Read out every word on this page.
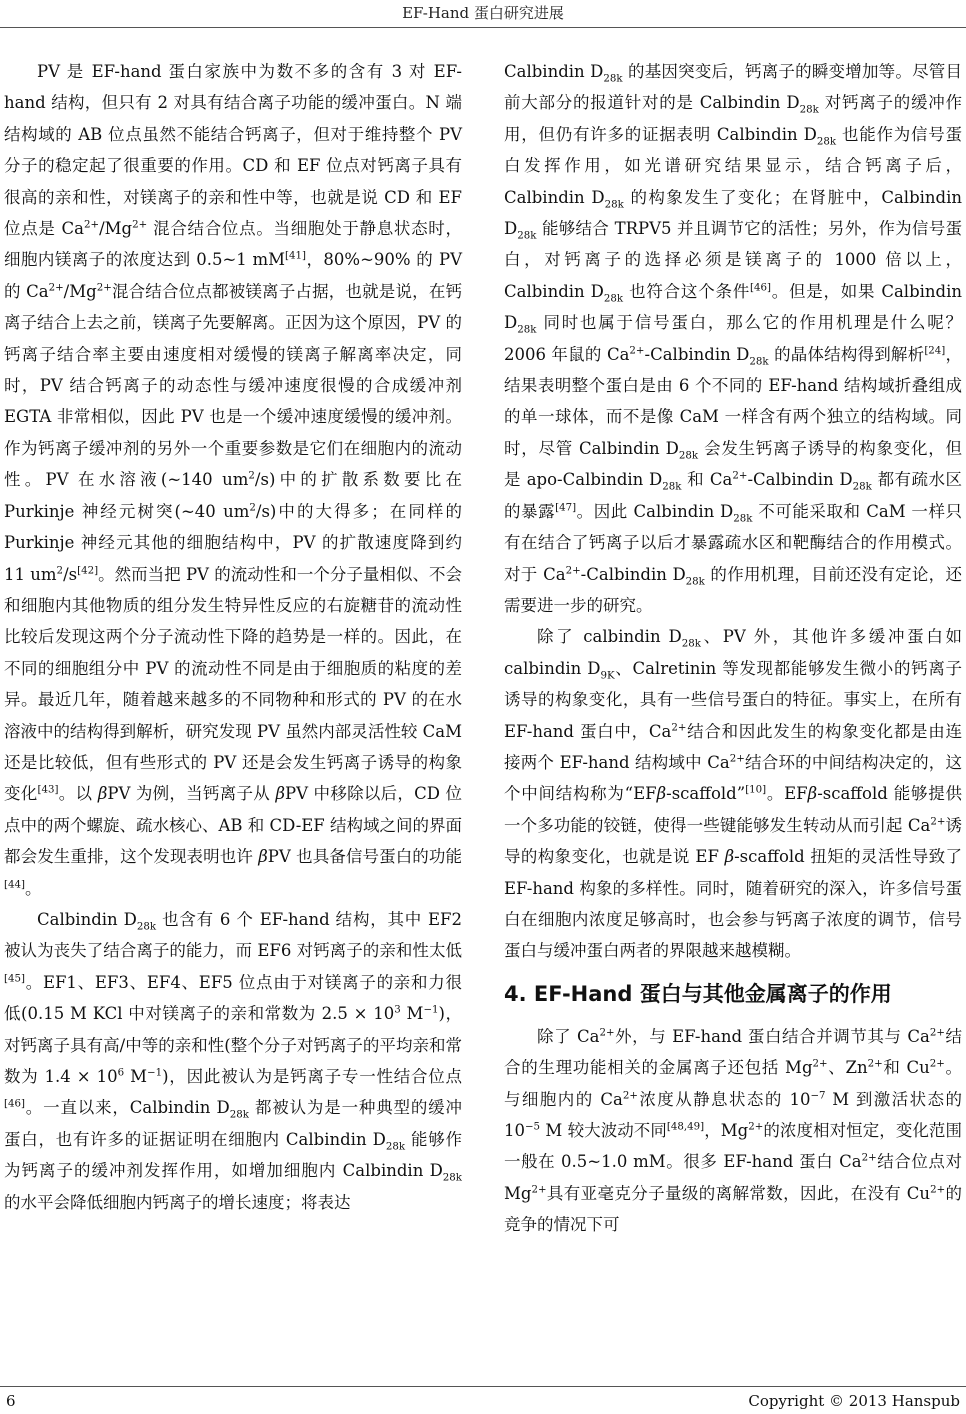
EF-Hand 蛋白研究进展

PV 是 EF-hand 蛋白家族中为数不多的含有 3 对 EF-hand 结构，但只有 2 对具有结合离子功能的缓冲蛋白。N 端结构域的 AB 位点虽然不能结合钙离子，但对于维持整个 PV 分子的稳定起了很重要的作用。CD 和 EF 位点对钙离子具有很高的亲和性，对镁离子的亲和性中等，也就是说 CD 和 EF 位点是 $Ca^{2+}/Mg^{2+}$ 混合结合位点。当细胞处于静息状态时，细胞内镁离子的浓度达到 0.5~1 mM[41]，80%~90% 的 PV 的 $Ca^{2+}/Mg^{2+}$混合结合位点都被镁离子占据，也就是说，在钙离子结合上去之前，镁离子先要解离。正因为这个原因，PV 的钙离子结合率主要由速度相对缓慢的镁离子解离率决定，同时，PV 结合钙离子的动态性与缓冲速度很慢的合成缓冲剂 EGTA 非常相似，因此 PV 也是一个缓冲速度缓慢的缓冲剂。作为钙离子缓冲剂的另外一个重要参数是它们在细胞内的流动性。PV 在水溶液(~140 $um^2/s$)中的扩散系数要比在 Purkinje 神经元树突(~40 $um^2/s$)中的大得多；在同样的 Purkinje 神经元其他的细胞结构中，PV 的扩散速度降到约 11 $um^2/s[42]$。然而当把 PV 的流动性和一个分子量相似、不会和细胞内其他物质的组分发生特异性反应的右旋糖苷的流动性比较后发现这两个分子流动性下降的趋势是一样的。因此，在不同的细胞组分中 PV 的流动性不同是由于细胞质的粘度的差异。最近几年，随着越来越多的不同物种和形式的 PV 的在水溶液中的结构得到解析，研究发现 PV 虽然内部灵活性较 CaM 还是比较低，但有些形式的 PV 还是会发生钙离子诱导的构象变化[43]。以 βPV 为例，当钙离子从 βPV 中移除以后，CD 位点中的两个螺旋、疏水核心、AB 和 CD-EF 结构域之间的界面都会发生重排，这个发现表明也许 βPV 也具备信号蛋白的功能[44]。

Calbindin $D_{28k}$ 也含有 6 个 EF-hand 结构，其中 EF2 被认为丧失了结合离子的能力，而 EF6 对钙离子的亲和性太低[45]。EF1、EF3、EF4、EF5 位点由于对镁离子的亲和力很低(0.15 M KCl 中对镁离子的亲和常数为 $2.5 \times 10^3$ $M^{-1}$)，对钙离子具有高/中等的亲和性(整个分子对钙离子的平均亲和常数为 $1.4 \times 10^6$ $M^{-1}$)，因此被认为是钙离子专一性结合位点[46]。一直以来，Calbindin $D_{28k}$ 都被认为是一种典型的缓冲蛋白，也有许多的证据证明在细胞内 Calbindin $D_{28k}$ 能够作为钙离子的缓冲剂发挥作用，如增加细胞内 Calbindin $D_{28k}$ 的水平会降低细胞内钙离子的增长速度；将表达

Calbindin $D_{28k}$ 的基因突变后，钙离子的瞬变增加等。尽管目前大部分的报道针对的是 Calbindin $D_{28k}$ 对钙离子的缓冲作用，但仍有许多的证据表明 Calbindin $D_{28k}$ 也能作为信号蛋白发挥作用，如光谱研究结果显示，结合钙离子后，Calbindin $D_{28k}$ 的构象发生了变化；在肾脏中，Calbindin $D_{28k}$ 能够结合 TRPV5 并且调节它的活性；另外，作为信号蛋白，对钙离子的选择必须是镁离子的 1000 倍以上，Calbindin $D_{28k}$ 也符合这个条件[46]。但是，如果 Calbindin $D_{28k}$ 同时也属于信号蛋白，那么它的作用机理是什么呢？2006 年鼠的 $Ca^{2+}$-Calbindin $D_{28k}$ 的晶体结构得到解析[24]，结果表明整个蛋白是由 6 个不同的 EF-hand 结构域折叠组成的单一球体，而不是像 CaM 一样含有两个独立的结构域。同时，尽管 Calbindin $D_{28k}$ 会发生钙离子诱导的构象变化，但是 apo-Calbindin $D_{28k}$ 和 $Ca^{2+}$-Calbindin $D_{28k}$ 都有疏水区的暴露[47]。因此 Calbindin $D_{28k}$ 不可能采取和 CaM 一样只有在结合了钙离子以后才暴露疏水区和靶酶结合的作用模式。对于 $Ca^{2+}$-Calbindin $D_{28k}$ 的作用机理，目前还没有定论，还需要进一步的研究。

除了 calbindin $D_{28k}$、PV 外，其他许多缓冲蛋白如 calbindin $D_{9K}$、Calretinin 等发现都能够发生微小的钙离子诱导的构象变化，具有一些信号蛋白的特征。事实上，在所有 EF-hand 蛋白中，$Ca^{2+}$结合和因此发生的构象变化都是由连接两个 EF-hand 结构域中 $Ca^{2+}$结合环的中间结构决定的，这个中间结构称为“EFβ-scaffold”[10]。EFβ-scaffold 能够提供一个多功能的铰链，使得一些键能够发生转动从而引起 $Ca^{2+}$诱导的构象变化，也就是说 EF β-scaffold 扭矩的灵活性导致了 EF-hand 构象的多样性。同时，随着研究的深入，许多信号蛋白在细胞内浓度足够高时，也会参与钙离子浓度的调节，信号蛋白与缓冲蛋白两者的界限越来越模糊。

4. EF-Hand 蛋白与其他金属离子的作用

除了 $Ca^{2+}$外，与 EF-hand 蛋白结合并调节其与 $Ca^{2+}$结合的生理功能相关的金属离子还包括 $Mg^{2+}$、$Zn^{2+}$和 $Cu^{2+}$。与细胞内的 $Ca^{2+}$浓度从静息状态的 $10^{-7}$ M 到激活状态的 $10^{-5}$ M 较大波动不同[48,49]，$Mg^{2+}$的浓度相对恒定，变化范围一般在 0.5~1.0 mM。很多 EF-hand 蛋白 $Ca^{2+}$结合位点对 $Mg^{2+}$具有亚毫克分子量级的离解常数，因此，在没有 $Cu^{2+}$的竞争的情况下可

6	Copyright © 2013 Hanspub
